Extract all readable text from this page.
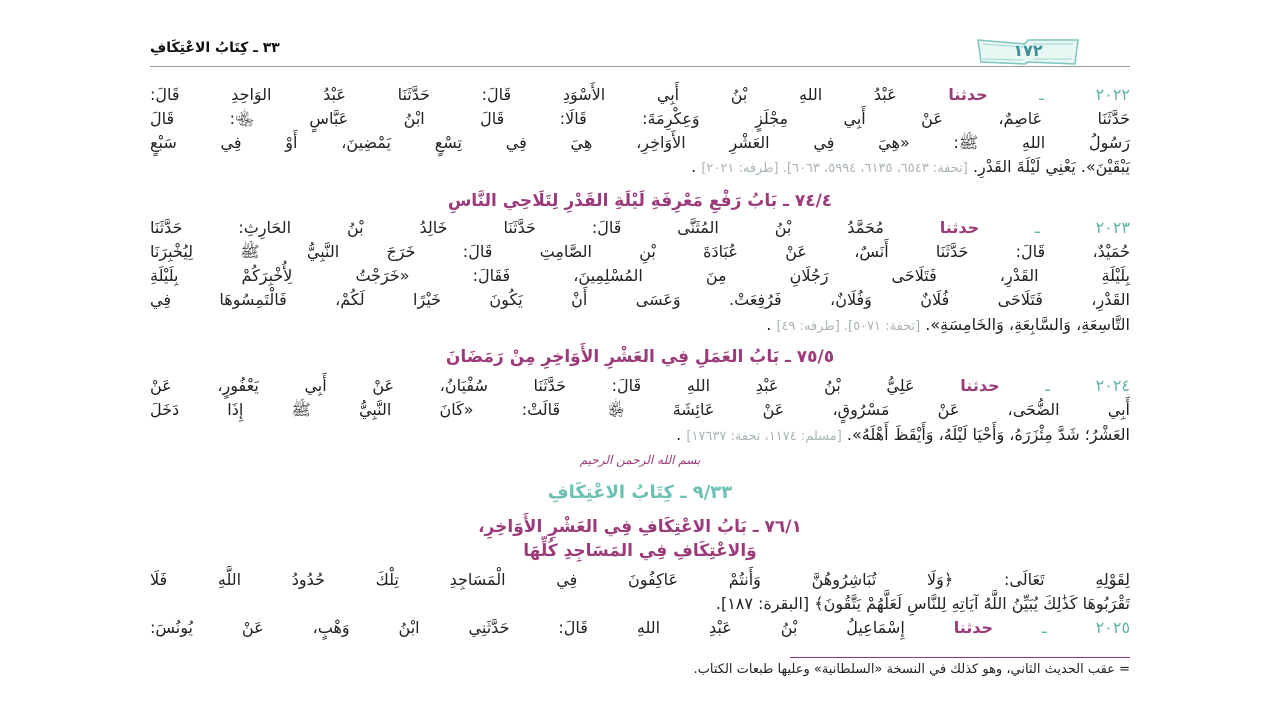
٣٣ ـ كِتَابُ الاعْتِكَافِ	١٧٢
٢٠٢٢ ـ حدثنا عَبْدُ اللهِ بْنُ أَبِي الأَسْوَدِ قَالَ: حَدَّثَنَا عَبْدُ الوَاحِدِ قَالَ:
حَدَّثَنَا عَاصِمٌ، عَنْ أَبِي مِجْلَزٍ وَعِكْرِمَةَ: قَالَا: قَالَ ابْنُ عَبَّاسٍ ﵄: قَالَ
رَسُولُ اللهِ ﷺ: «هِيَ فِي العَشْرِ الأَوَاخِرِ، هِيَ فِي تِسْعٍ يَمْضِينَ، أَوْ فِي سَبْعٍ
يَبْقَيْنَ». يَعْنِي لَيْلَةَ القَدْرِ. [تحفة: ٦٥٤٣، ٦١٣٥، ٥٩٩٤، ٦٠٦٣]. [طرفه: ٢٠٢١] .
٧٤/٤ ـ بَابُ رَفْعِ مَعْرِفَةِ لَيْلَةِ القَدْرِ لِتَلَاحِي النَّاسِ
٢٠٢٣ ـ حدثنا مُحَمَّدُ بْنُ المُثَنَّى قَالَ: حَدَّثَنَا خَالِدُ بْنُ الحَارِثِ: حَدَّثَنَا
حُمَيْدٌ، قَالَ: حَدَّثَنَا أَنَسٌ، عَنْ عُبَادَةَ بْنِ الصَّامِتِ قَالَ: خَرَجَ النَّبِيُّ ﷺ لِيُخْبِرَنَا
بِلَيْلَةِ القَدْرِ، فَتَلَاحَى رَجُلَانِ مِنَ المُسْلِمِينَ، فَقَالَ: «خَرَجْتُ لِأُخْبِرَكُمْ بِلَيْلَةِ
القَدْرِ، فَتَلَاحَى فُلَانٌ وَفُلَانٌ، فَرُفِعَتْ. وَعَسَى أَنْ يَكُونَ خَيْرًا لَكُمْ، فَالْتَمِسُوهَا فِي
التَّاسِعَةِ، وَالسَّابِعَةِ، وَالخَامِسَةِ». [تحفة: ٥٠٧١]. [طرفه: ٤٩] .
٧٥/٥ ـ بَابُ العَمَلِ فِي العَشْرِ الأَوَاخِرِ مِنْ رَمَضَانَ
٢٠٢٤ ـ حدثنا عَلِيُّ بْنُ عَبْدِ اللهِ قَالَ: حَدَّثَنَا سُفْيَانُ، عَنْ أَبِي يَعْفُورٍ، عَنْ
أَبِي الضُّحَى، عَنْ مَسْرُوقٍ، عَنْ عَائِشَةَ ﵂ قَالَتْ: «كَانَ النَّبِيُّ ﷺ إِذَا دَخَلَ
العَشْرُ؛ شَدَّ مِئْزَرَهُ، وَأَحْيَا لَيْلَهُ، وَأَيْقَظَ أَهْلَهُ». [مسلم: ١١٧٤، تحفة: ١٧٦٣٧] .
بسم الله الرحمن الرحيم
٩/٣٣ ـ كِتَابُ الاعْتِكَافِ
٧٦/١ ـ بَابُ الاعْتِكَافِ فِي العَشْرِ الأَوَاخِرِ،
وَالاعْتِكَافِ فِي المَسَاجِدِ كُلِّهَا
لِقَوْلِهِ تَعَالَى: ﴿وَلَا تُبَاشِرُوهُنَّ وَأَنتُمْ عَاكِفُونَ فِي الْمَسَاجِدِ تِلْكَ حُدُودُ اللَّهِ فَلَا
تَقْرَبُوهَا كَذَٰلِكَ يُبَيِّنُ اللَّهُ آيَاتِهِ لِلنَّاسِ لَعَلَّهُمْ يَتَّقُونَ﴾ [البقرة: ١٨٧].
٢٠٢٥ ـ حدثنا إِسْمَاعِيلُ بْنُ عَبْدِ اللهِ قَالَ: حَدَّثَنِي ابْنُ وَهْبٍ، عَنْ يُونُسَ:
= عقب الحديث الثاني، وهو كذلك في النسخة «السلطانية» وعليها طبعات الكتاب.
